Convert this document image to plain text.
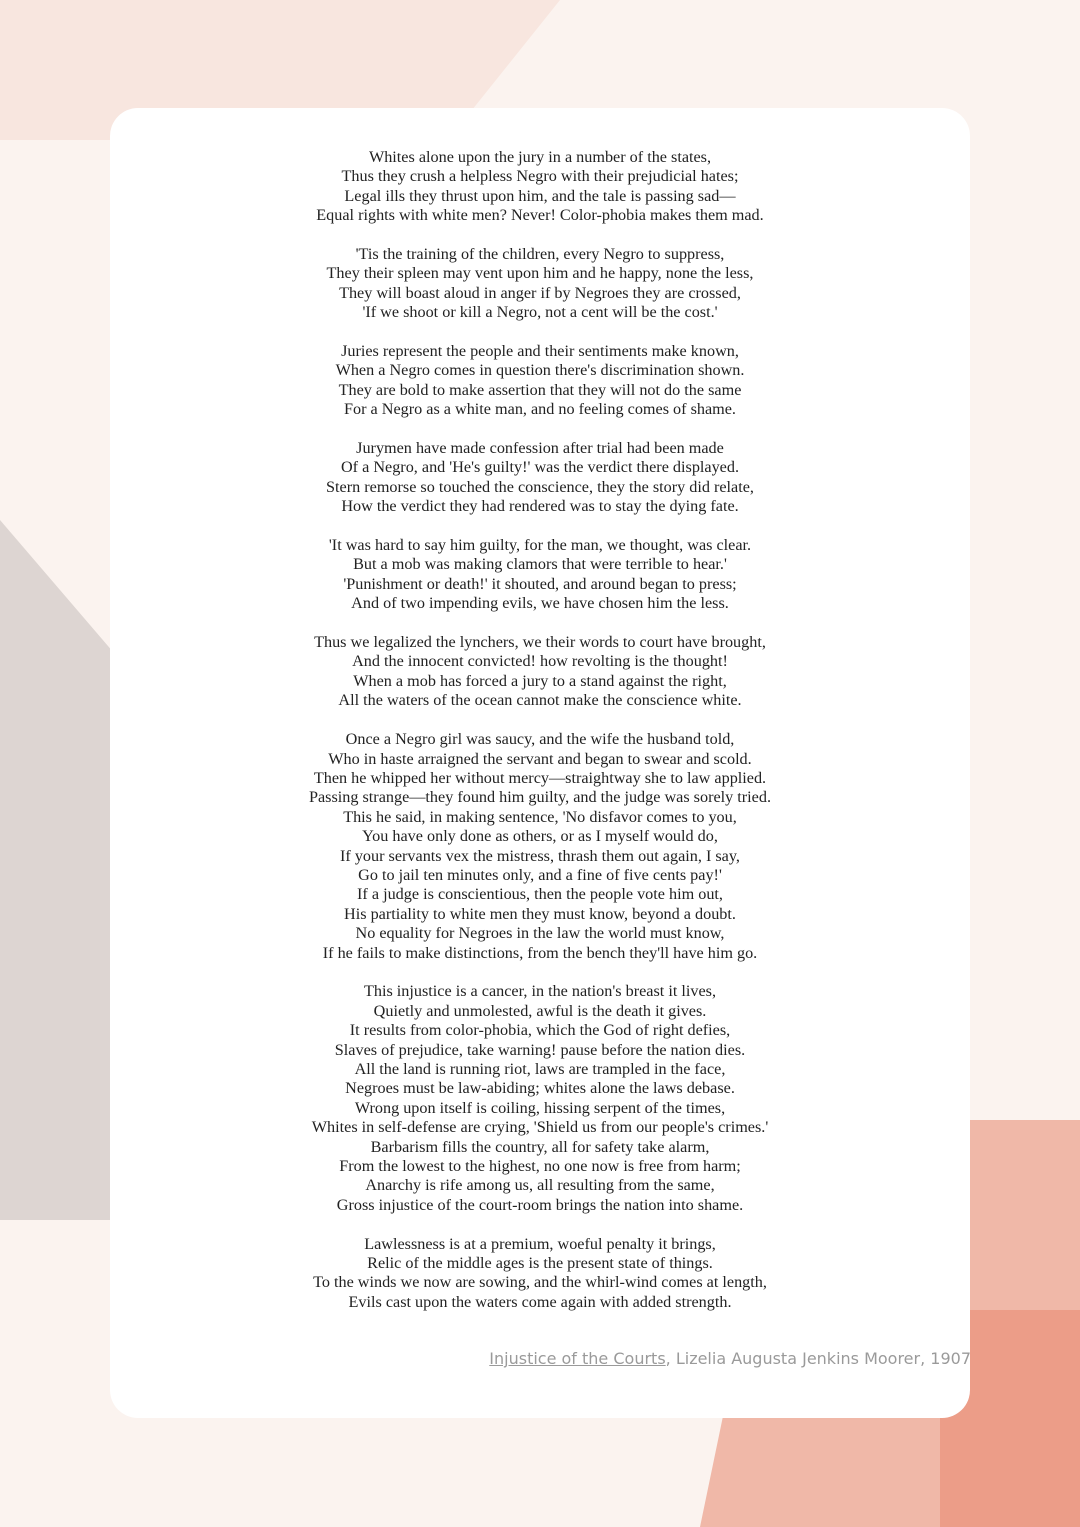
Whites alone upon the jury in a number of the states,
Thus they crush a helpless Negro with their prejudicial hates;
Legal ills they thrust upon him, and the tale is passing sad—
Equal rights with white men? Never! Color-phobia makes them mad.
'Tis the training of the children, every Negro to suppress,
They their spleen may vent upon him and he happy, none the less,
They will boast aloud in anger if by Negroes they are crossed,
'If we shoot or kill a Negro, not a cent will be the cost.'
Juries represent the people and their sentiments make known,
When a Negro comes in question there's discrimination shown.
They are bold to make assertion that they will not do the same
For a Negro as a white man, and no feeling comes of shame.
Jurymen have made confession after trial had been made
Of a Negro, and 'He's guilty!' was the verdict there displayed.
Stern remorse so touched the conscience, they the story did relate,
How the verdict they had rendered was to stay the dying fate.
'It was hard to say him guilty, for the man, we thought, was clear.
But a mob was making clamors that were terrible to hear.'
'Punishment or death!' it shouted, and around began to press;
And of two impending evils, we have chosen him the less.
Thus we legalized the lynchers, we their words to court have brought,
And the innocent convicted! how revolting is the thought!
When a mob has forced a jury to a stand against the right,
All the waters of the ocean cannot make the conscience white.
Once a Negro girl was saucy, and the wife the husband told,
Who in haste arraigned the servant and began to swear and scold.
Then he whipped her without mercy—straightway she to law applied.
Passing strange—they found him guilty, and the judge was sorely tried.
This he said, in making sentence, 'No disfavor comes to you,
You have only done as others, or as I myself would do,
If your servants vex the mistress, thrash them out again, I say,
Go to jail ten minutes only, and a fine of five cents pay!'
If a judge is conscientious, then the people vote him out,
His partiality to white men they must know, beyond a doubt.
No equality for Negroes in the law the world must know,
If he fails to make distinctions, from the bench they'll have him go.
This injustice is a cancer, in the nation's breast it lives,
Quietly and unmolested, awful is the death it gives.
It results from color-phobia, which the God of right defies,
Slaves of prejudice, take warning! pause before the nation dies.
All the land is running riot, laws are trampled in the face,
Negroes must be law-abiding; whites alone the laws debase.
Wrong upon itself is coiling, hissing serpent of the times,
Whites in self-defense are crying, 'Shield us from our people's crimes.'
Barbarism fills the country, all for safety take alarm,
From the lowest to the highest, no one now is free from harm;
Anarchy is rife among us, all resulting from the same,
Gross injustice of the court-room brings the nation into shame.
Lawlessness is at a premium, woeful penalty it brings,
Relic of the middle ages is the present state of things.
To the winds we now are sowing, and the whirl-wind comes at length,
Evils cast upon the waters come again with added strength.
Injustice of the Courts, Lizelia Augusta Jenkins Moorer, 1907
